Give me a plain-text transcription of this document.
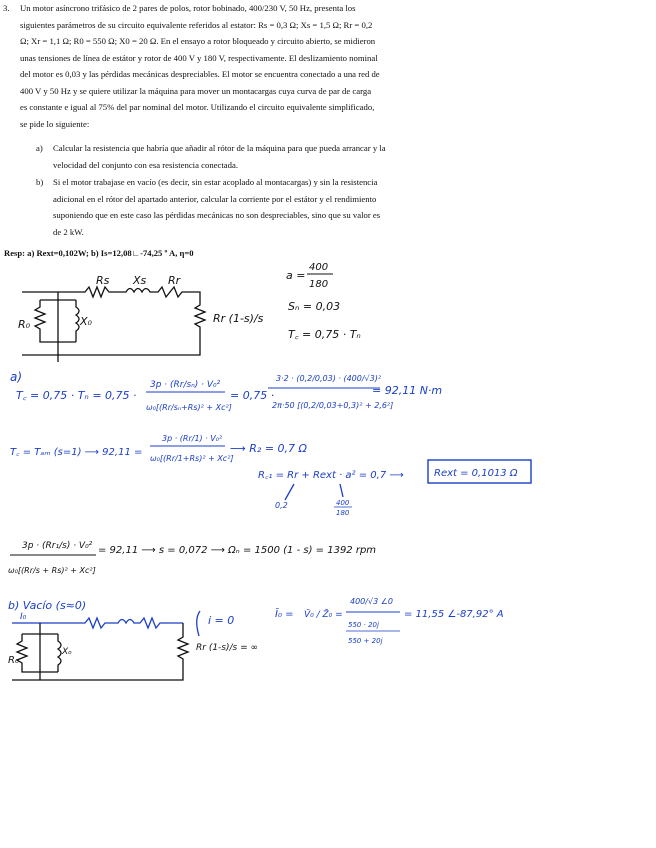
3. Un motor asíncrono trifásico de 2 pares de polos, rotor bobinado, 400/230 V, 50 Hz, presenta los
siguientes parámetros de su circuito equivalente referidos al estator: Rs = 0,3 Ω; Xs = 1,5 Ω; Rr = 0,2
Ω; Xr = 1,1 Ω; R0 = 550 Ω; X0 = 20 Ω. En el ensayo a rotor bloqueado y circuito abierto, se midieron
unas tensiones de línea de estátor y rotor de 400 V y 180 V, respectivamente. El deslizamiento nominal
del motor es 0,03 y las pérdidas mecánicas despreciables. El motor se encuentra conectado a una red de
400 V y 50 Hz y se quiere utilizar la máquina para mover un montacargas cuya curva de par de carga
es constante e igual al 75% del par nominal del motor. Utilizando el circuito equivalente simplificado,
se pide lo siguiente:
a) Calcular la resistencia que habría que añadir al rótor de la máquina para que pueda arrancar y la
velocidad del conjunto con esa resistencia conectada.
b) Si el motor trabajase en vacío (es decir, sin estar acoplado al montacargas) y sin la resistencia
adicional en el rótor del apartado anterior, calcular la corriente por el estátor y el rendimiento
suponiendo que en este caso las pérdidas mecánicas no son despreciables, sino que su valor es
de 2 kW.
Resp: a) Rext=0,102W; b) Is=12,08∟-74,25 º A, η=0
Rs Xs Rr
R₀	X₀	Rr (1-s)/s
a =
400
180
Sₙ = 0,03
T꜀ = 0,75 · Tₙ
a)
T꜀ = 0,75 · Tₙ = 0,75 ·
3p · (Rr/sₙ) · V₀²
ω₀[(Rr/sₙ+Rs)² + Xc²]
= 0,75 ·
3·2 · (0,2/0,03) · (400/√3)²
2π·50 [(0,2/0,03+0,3)² + 2,6²]
= 92,11 N·m
T꜀ = Tₐₘ (s=1) ⟶ 92,11 =
3p · (Rr/1) · V₀²
ω₀[(Rr/1+Rs)² + Xc²]
⟶ R₂ = 0,7 Ω
R꜀₁ = Rr + Rext · a² = 0,7 ⟶	Rext = 0,1013 Ω
0,2	400
180
3p · (Rr₁/s) · V₀²
ω₀[(Rr/s + Rs)² + Xc²]
= 92,11 ⟶ s = 0,072 ⟶ Ωₙ = 1500 (1 - s) = 1392 rpm
b) Vacío (s≈0)
I₀	i = 0
R₀
Xₒ	Rr (1-s)/s = ∞
Ī₀ = V̄₀ / Z̄₀ =
400/√3 ∠0
550 · 20j
550 + 20j
= 11,55 ∠-87,92° A
